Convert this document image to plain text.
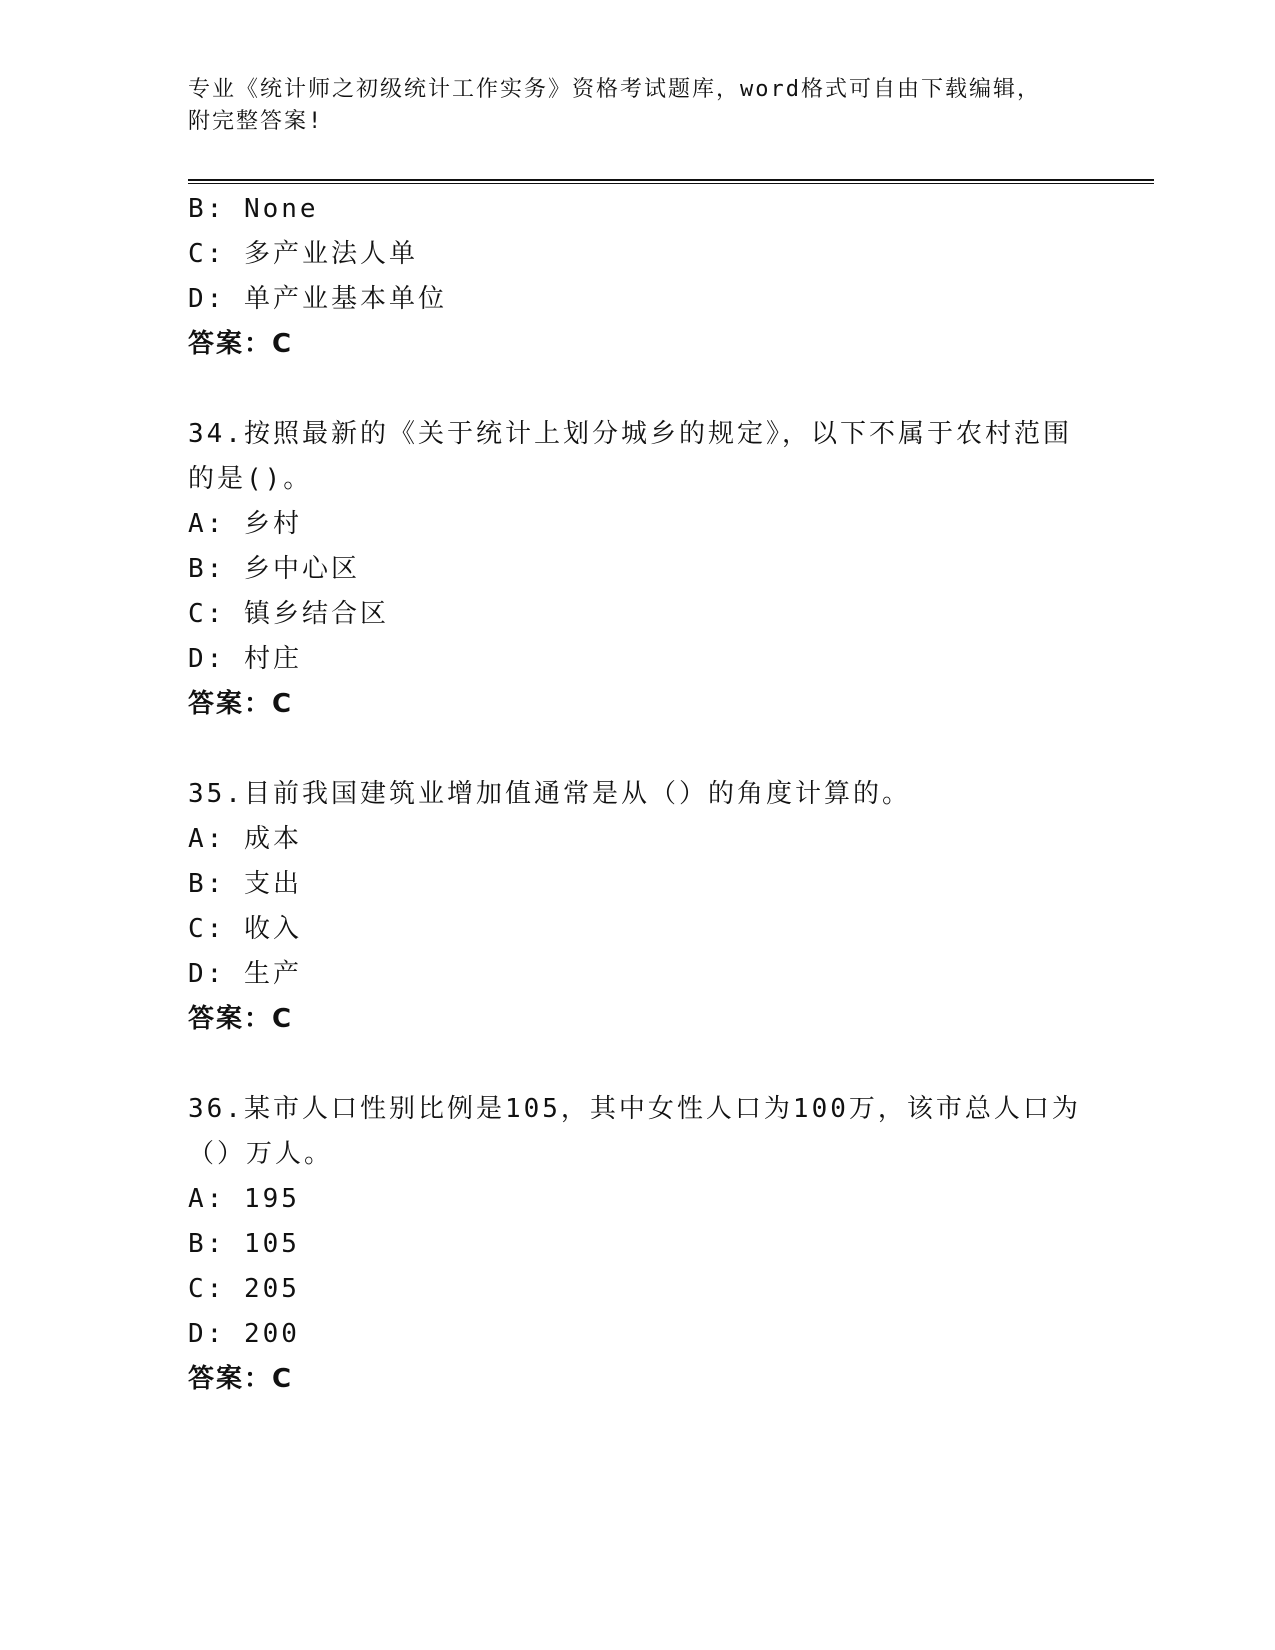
专业《统计师之初级统计工作实务》资格考试题库，word格式可自由下载编辑，
附完整答案!
B: None
C: 多产业法人单
D: 单产业基本单位
答案：C
34.按照最新的《关于统计上划分城乡的规定》，以下不属于农村范围
的是()。
A: 乡村
B: 乡中心区
C: 镇乡结合区
D: 村庄
答案：C
35.目前我国建筑业增加值通常是从（）的角度计算的。
A: 成本
B: 支出
C: 收入
D: 生产
答案：C
36.某市人口性别比例是105，其中女性人口为100万，该市总人口为
（）万人。
A: 195
B: 105
C: 205
D: 200
答案：C
